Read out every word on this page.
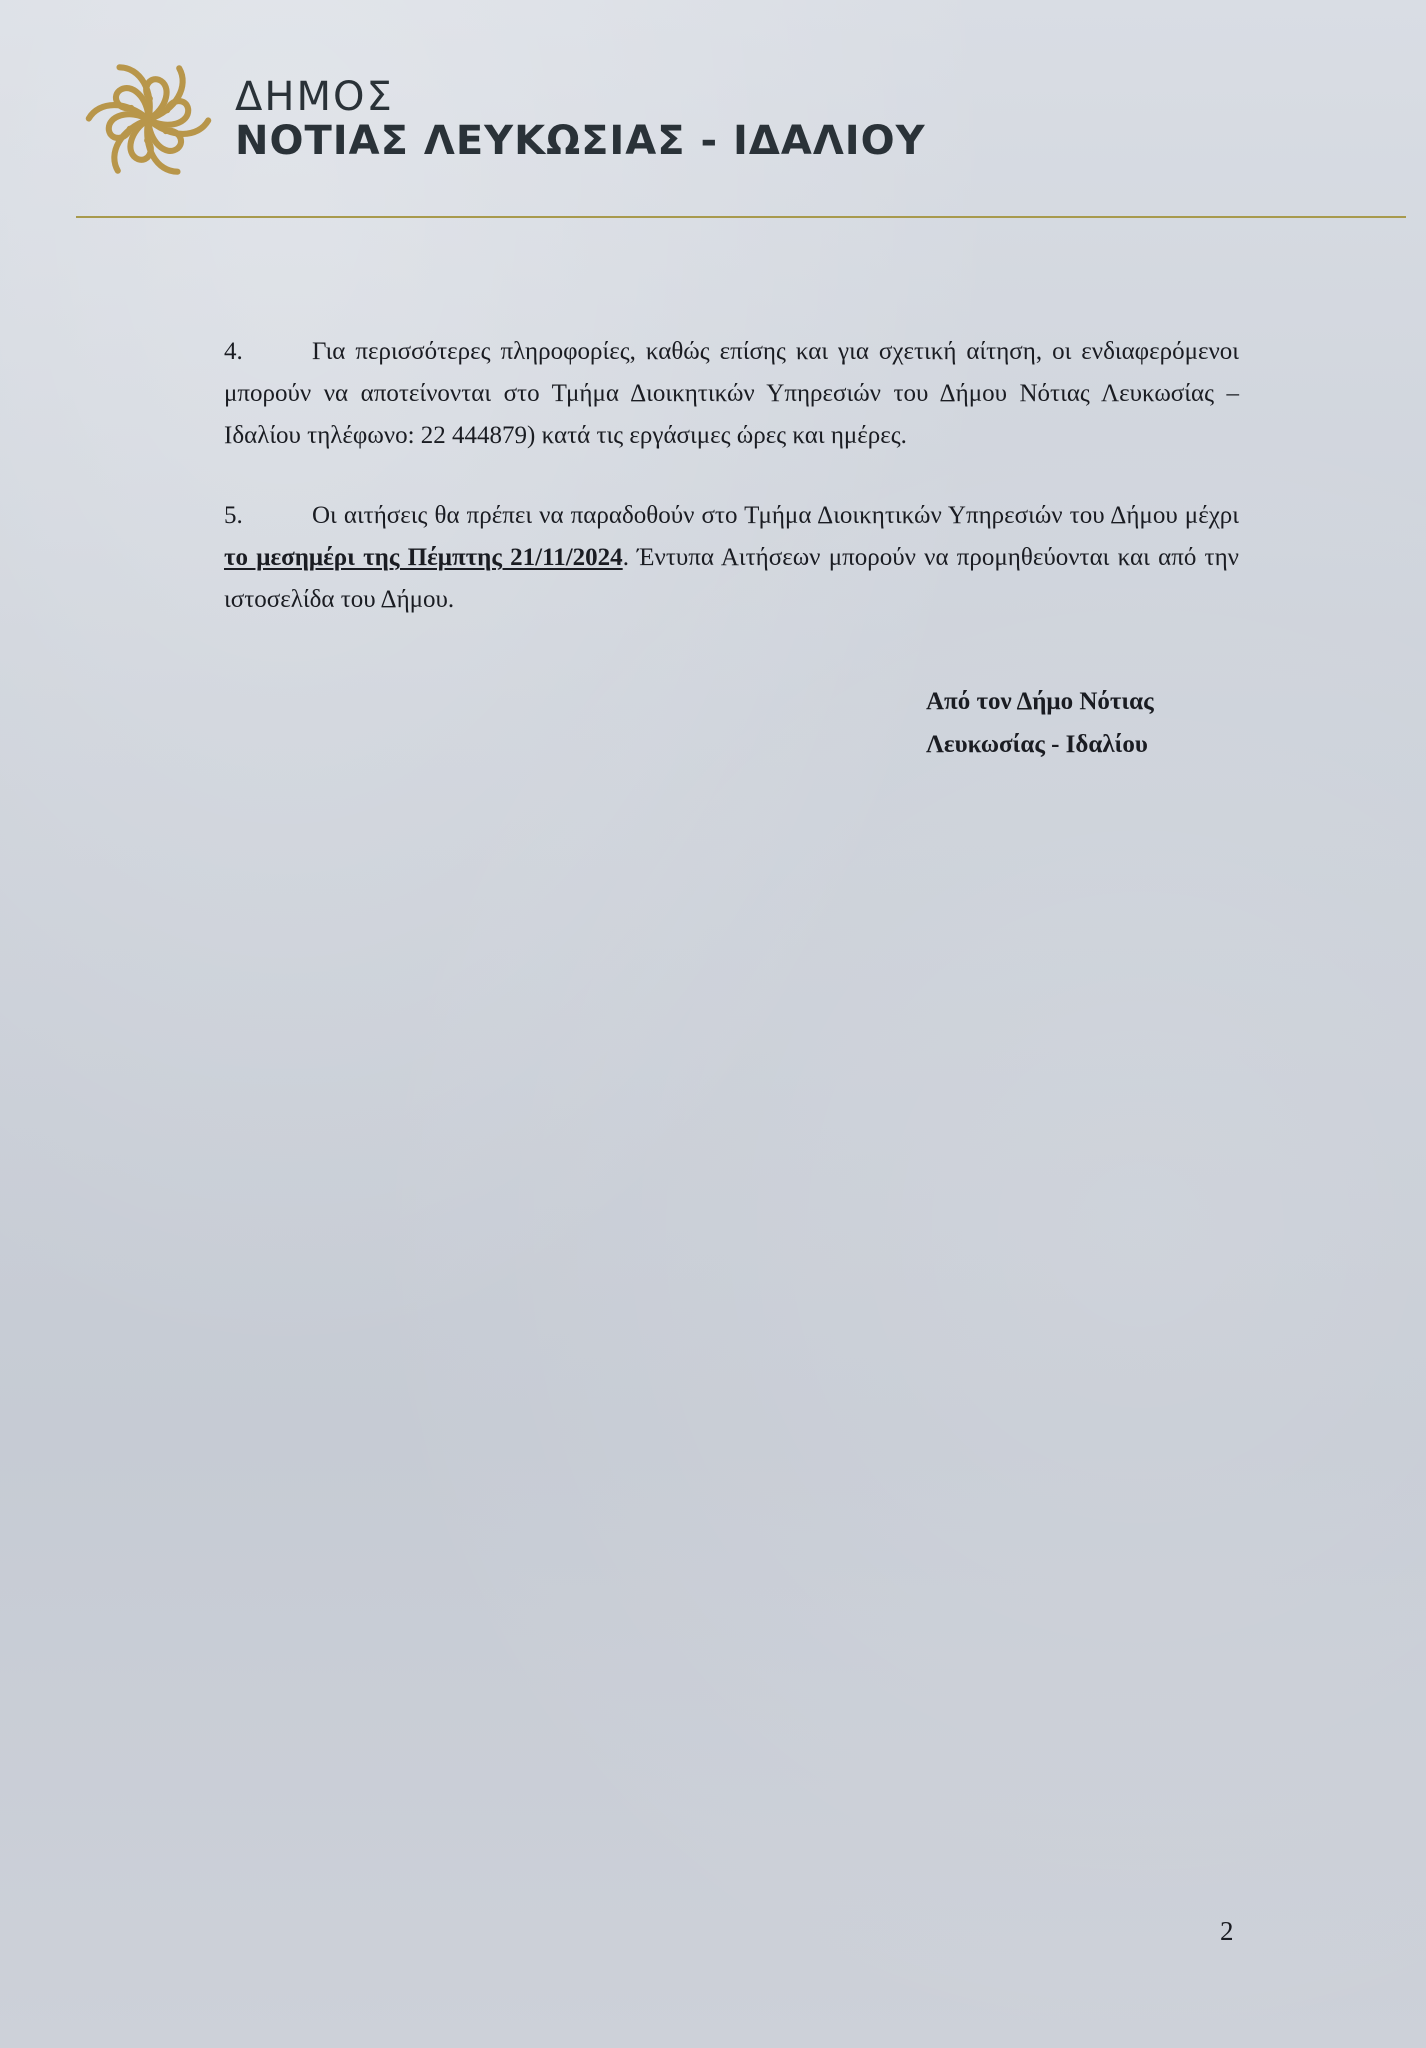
ΔΗΜΟΣ
ΝΟΤΙΑΣ ΛΕΥΚΩΣΙΑΣ - ΙΔΑΛΙΟΥ

4.	Για περισσότερες πληροφορίες, καθώς επίσης και για σχετική αίτηση, οι ενδιαφερόμενοι μπορούν να αποτείνονται στο Τμήμα Διοικητικών Υπηρεσιών του Δήμου Νότιας Λευκωσίας – Ιδαλίου τηλέφωνο: 22 444879) κατά τις εργάσιμες ώρες και ημέρες.

5.	Οι αιτήσεις θα πρέπει να παραδοθούν στο Τμήμα Διοικητικών Υπηρεσιών του Δήμου μέχρι το μεσημέρι της Πέμπτης 21/11/2024. Έντυπα Αιτήσεων μπορούν να προμηθεύονται και από την ιστοσελίδα του Δήμου.

Από τον Δήμο Νότιας
Λευκωσίας - Ιδαλίου
2
